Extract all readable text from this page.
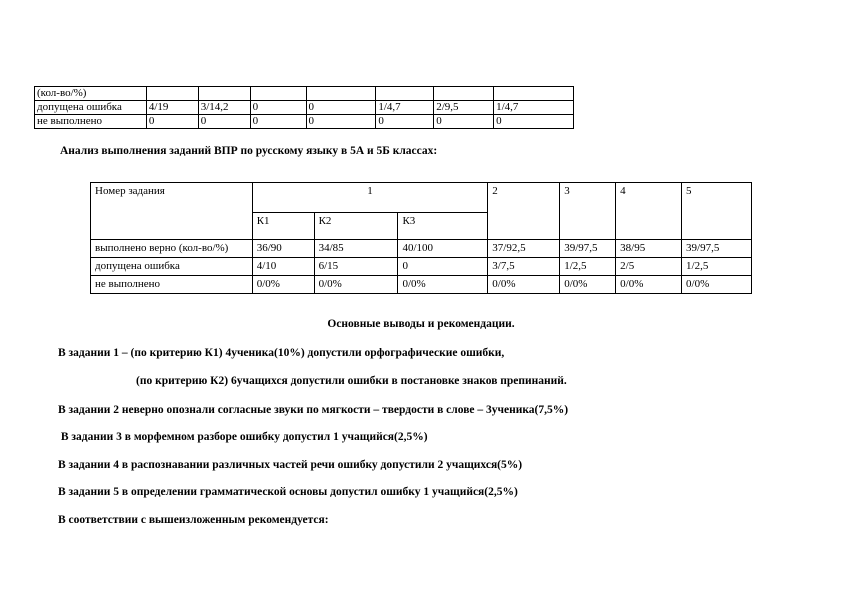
(кол-во/%)							
допущена ошибка	4/19	3/14,2	0	0	1/4,7	2/9,5	1/4,7
не выполнено	0	0	0	0	0	0	0
Анализ выполнения заданий ВПР по русскому языку в 5А и 5Б классах:
Номер задания	1			2	3	4	5
	К1	К2	К3				
выполнено верно (кол-во/%)	36/90	34/85	40/100	37/92,5	39/97,5	38/95	39/97,5
допущена ошибка	4/10	6/15	0	3/7,5	1/2,5	2/5	1/2,5
не выполнено	0/0%	0/0%	0/0%	0/0%	0/0%	0/0%	0/0%
Основные выводы и рекомендации.
В задании 1 – (по критерию К1) 4ученика(10%) допустили орфографические ошибки,
(по критерию К2) 6учащихся допустили ошибки в постановке знаков препинаний.
В задании 2 неверно опознали согласные звуки по мягкости – твердости в слове – 3ученика(7,5%)
В задании 3 в морфемном разборе ошибку допустил 1 учащийся(2,5%)
В задании 4 в распознавании различных частей речи ошибку допустили 2 учащихся(5%)
В задании 5 в определении грамматической основы допустил ошибку 1 учащийся(2,5%)
В соответствии с вышеизложенным рекомендуется:
